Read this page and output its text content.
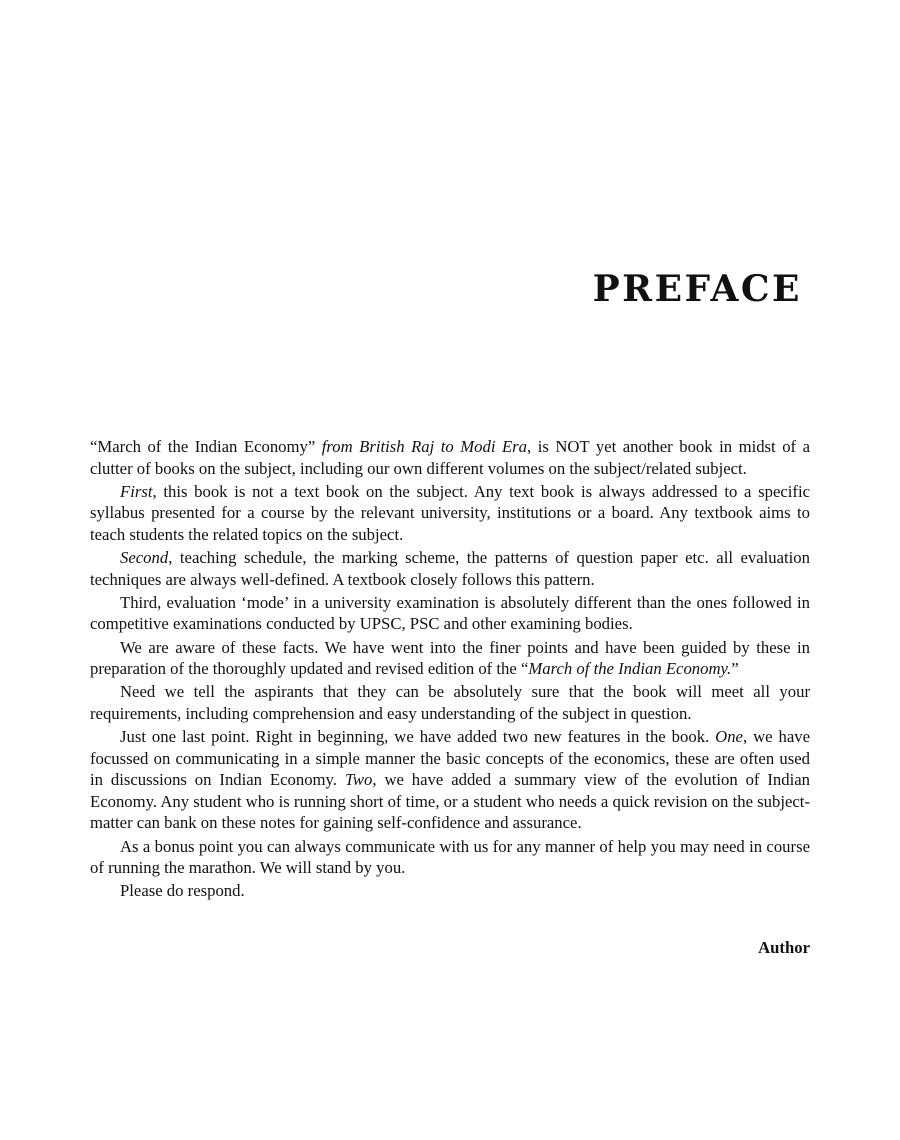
PREFACE

“March of the Indian Economy” from British Raj to Modi Era, is NOT yet another book in midst of a clutter of books on the subject, including our own different volumes on the subject/related subject.

First, this book is not a text book on the subject. Any text book is always addressed to a specific syllabus presented for a course by the relevant university, institutions or a board. Any textbook aims to teach students the related topics on the subject.

Second, teaching schedule, the marking scheme, the patterns of question paper etc. all evaluation techniques are always well-defined. A textbook closely follows this pattern.

Third, evaluation ‘mode’ in a university examination is absolutely different than the ones followed in competitive examinations conducted by UPSC, PSC and other examining bodies.

We are aware of these facts. We have went into the finer points and have been guided by these in preparation of the thoroughly updated and revised edition of the “March of the Indian Economy.”

Need we tell the aspirants that they can be absolutely sure that the book will meet all your requirements, including comprehension and easy understanding of the subject in question.

Just one last point. Right in beginning, we have added two new features in the book. One, we have focussed on communicating in a simple manner the basic concepts of the economics, these are often used in discussions on Indian Economy. Two, we have added a summary view of the evolution of Indian Economy. Any student who is running short of time, or a student who needs a quick revision on the subject-matter can bank on these notes for gaining self-confidence and assurance.

As a bonus point you can always communicate with us for any manner of help you may need in course of running the marathon. We will stand by you.

Please do respond.

Author
